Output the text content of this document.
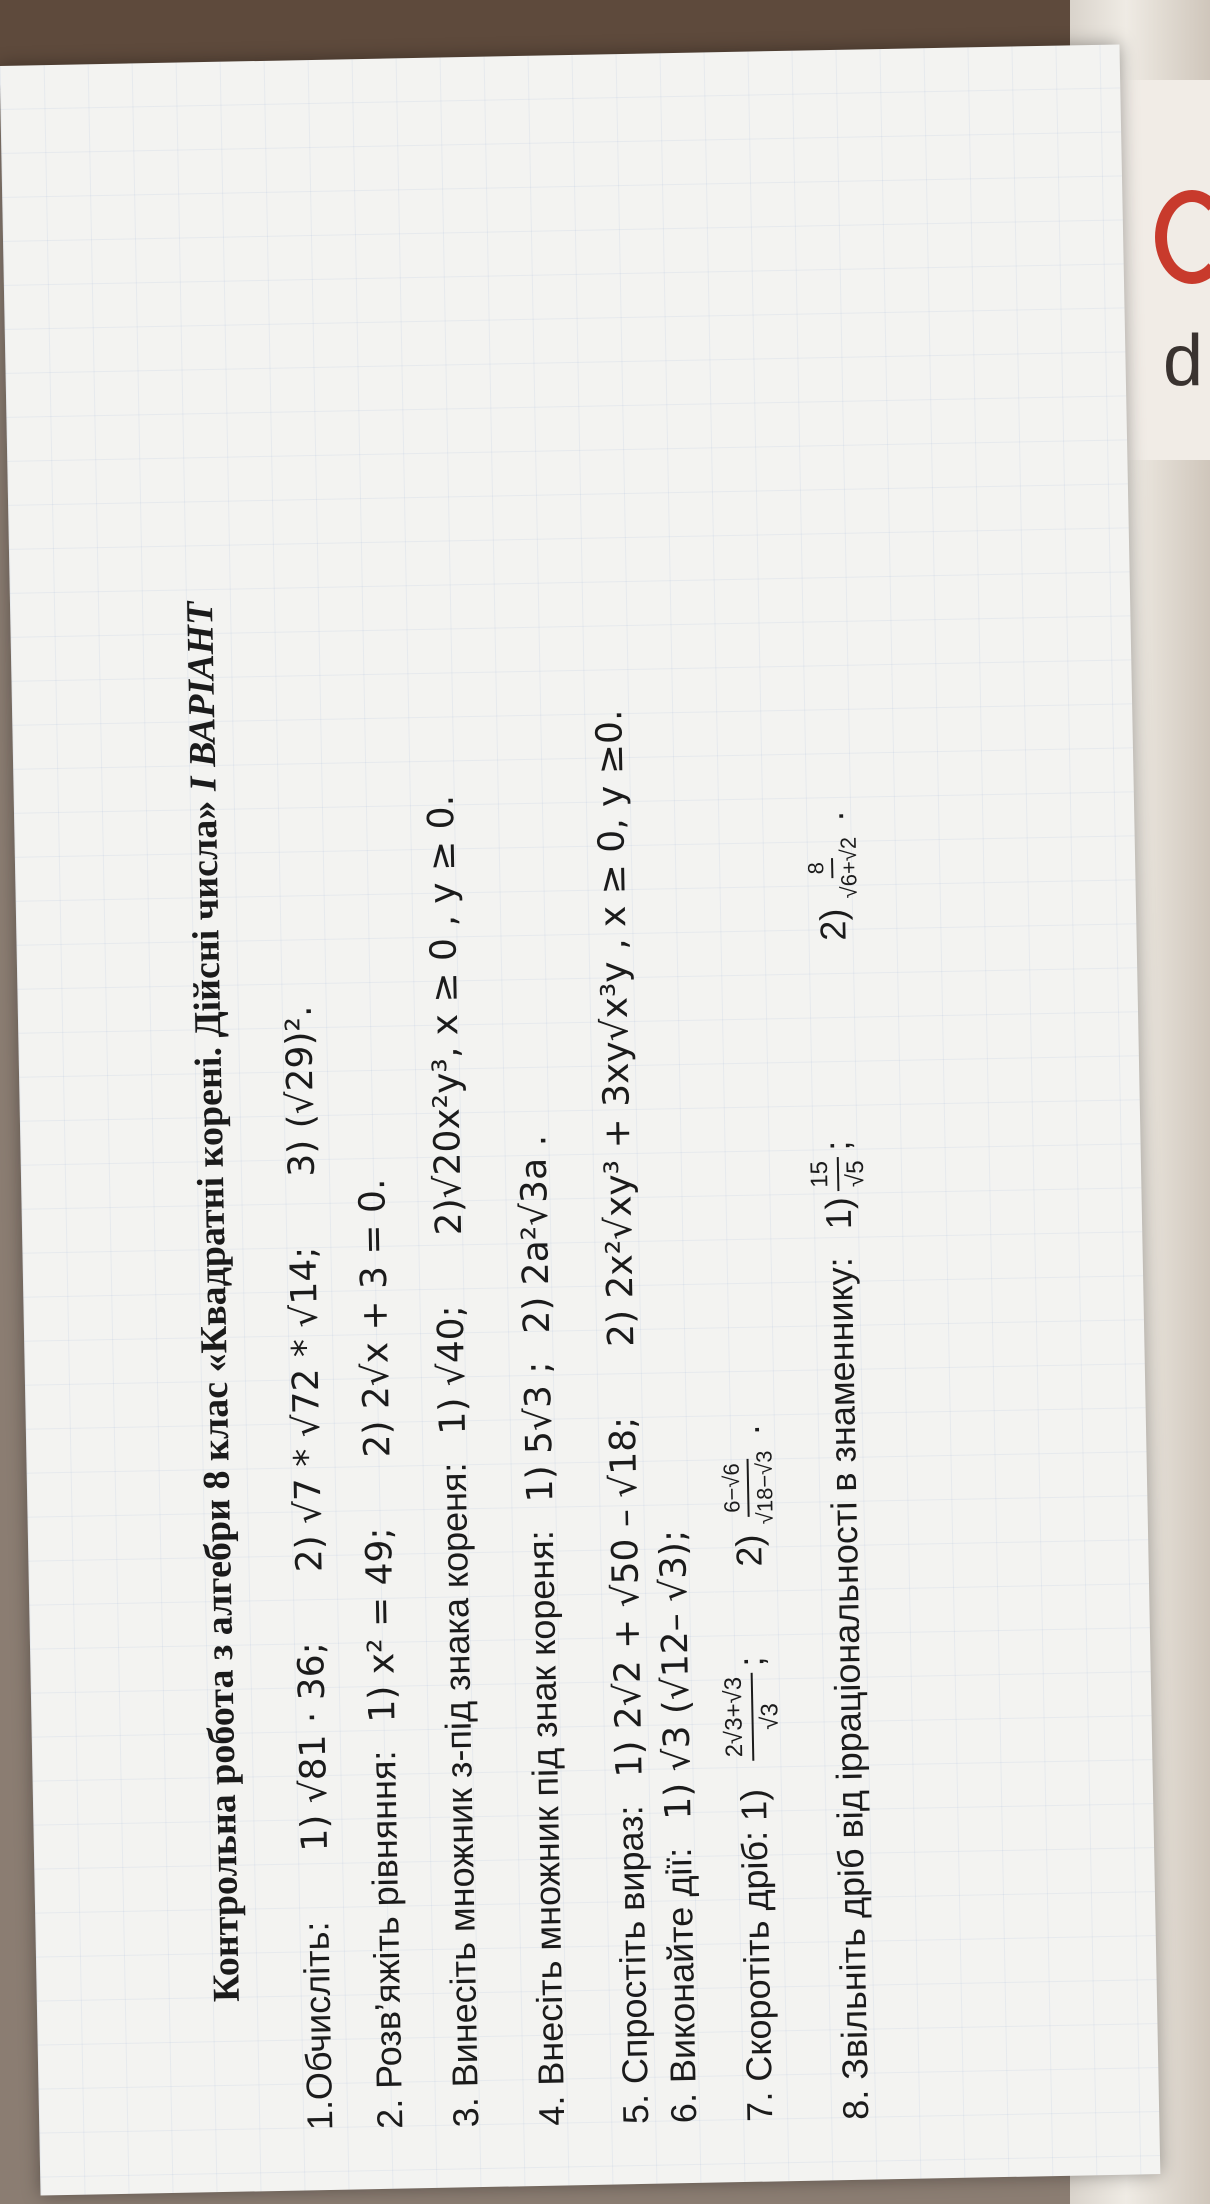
d
Контрольна робота з алгебри 8 клас «Квадратні корені. Дійсні числа» І ВАРІАНТ
1.Обчисліть:
1) √81 · 36;
2) √7 * √72 * √14;
3) (√29)².
2. Розв’яжіть рівняння:
1) x² = 49;
2) 2√x + 3 = 0.
3. Винесіть множник з-під знака кореня:
1) √40;
2)√20x²y³, x ≥ 0 , y ≥ 0.
4. Внесіть множник під знак кореня:
1) 5√3 ;
2) 2a²√3a .
5. Спростіть вираз:
1) 2√2 + √50 – √18;
2) 2x²√xy³ + 3xy√x³y , x ≥ 0, y ≥0.
6. Виконайте дії:
1) √3 (√12– √3);
7. Скоротіть дріб: 1)
2√3+√3 √3
;
2)
6−√6 √18−√3
. 8. Звільніть дріб від ірраціональності в знаменнику:
1)
15 √5
;
2)
8 √6+√2
.
